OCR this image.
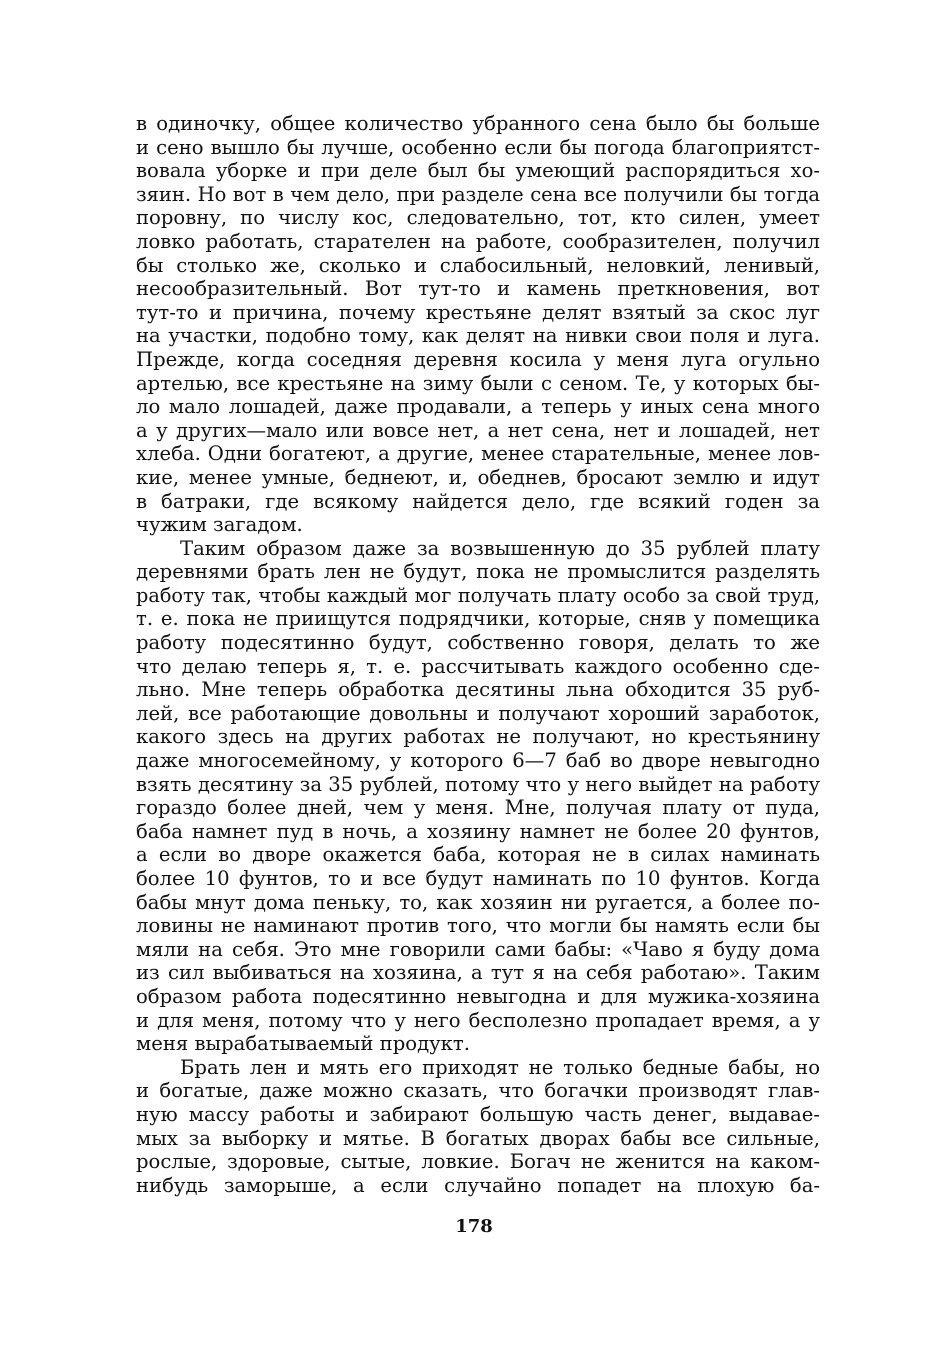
в одиночку, общее количество убранного сена было бы больше
и сено вышло бы лучше, особенно если бы погода благоприятст-
вовала уборке и при деле был бы умеющий распорядиться хо-
зяин. Но вот в чем дело, при разделе сена все получили бы тогда
поровну, по числу кос, следовательно, тот, кто силен, умеет
ловко работать, старателен на работе, сообразителен, получил
бы столько же, сколько и слабосильный, неловкий, ленивый,
несообразительный. Вот тут-то и камень преткновения, вот
тут-то и причина, почему крестьяне делят взятый за скос луг
на участки, подобно тому, как делят на нивки свои поля и луга.
Прежде, когда соседняя деревня косила у меня луга огульно
артелью, все крестьяне на зиму были с сеном. Те, у которых бы-
ло мало лошадей, даже продавали, а теперь у иных сена много
а у других—мало или вовсе нет, а нет сена, нет и лошадей, нет
хлеба. Одни богатеют, а другие, менее старательные, менее лов-
кие, менее умные, беднеют, и, обеднев, бросают землю и идут
в батраки, где всякому найдется дело, где всякий годен за
чужим загадом.

Таким образом даже за возвышенную до 35 рублей плату
деревнями брать лен не будут, пока не промыслится разделять
работу так, чтобы каждый мог получать плату особо за свой труд,
т. е. пока не приищутся подрядчики, которые, сняв у помещика
работу подесятинно будут, собственно говоря, делать то же
что делаю теперь я, т. е. рассчитывать каждого особенно сде-
льно. Мне теперь обработка десятины льна обходится 35 руб-
лей, все работающие довольны и получают хороший заработок,
какого здесь на других работах не получают, но крестьянину
даже многосемейному, у которого 6—7 баб во дворе невыгодно
взять десятину за 35 рублей, потому что у него выйдет на работу
гораздо более дней, чем у меня. Мне, получая плату от пуда,
баба намнет пуд в ночь, а хозяину намнет не более 20 фунтов,
а если во дворе окажется баба, которая не в силах наминать
более 10 фунтов, то и все будут наминать по 10 фунтов. Когда
бабы мнут дома пеньку, то, как хозяин ни ругается, а более по-
ловины не наминают против того, что могли бы намять если бы
мяли на себя. Это мне говорили сами бабы: «Чаво я буду дома
из сил выбиваться на хозяина, а тут я на себя работаю». Таким
образом работа подесятинно невыгодна и для мужика-хозяина
и для меня, потому что у него бесполезно пропадает время, а у
меня вырабатываемый продукт.

Брать лен и мять его приходят не только бедные бабы, но
и богатые, даже можно сказать, что богачки производят глав-
ную массу работы и забирают большую часть денег, выдавае-
мых за выборку и мятье. В богатых дворах бабы все сильные,
рослые, здоровые, сытые, ловкие. Богач не женится на каком-
нибудь заморыше, а если случайно попадет на плохую ба-

178
